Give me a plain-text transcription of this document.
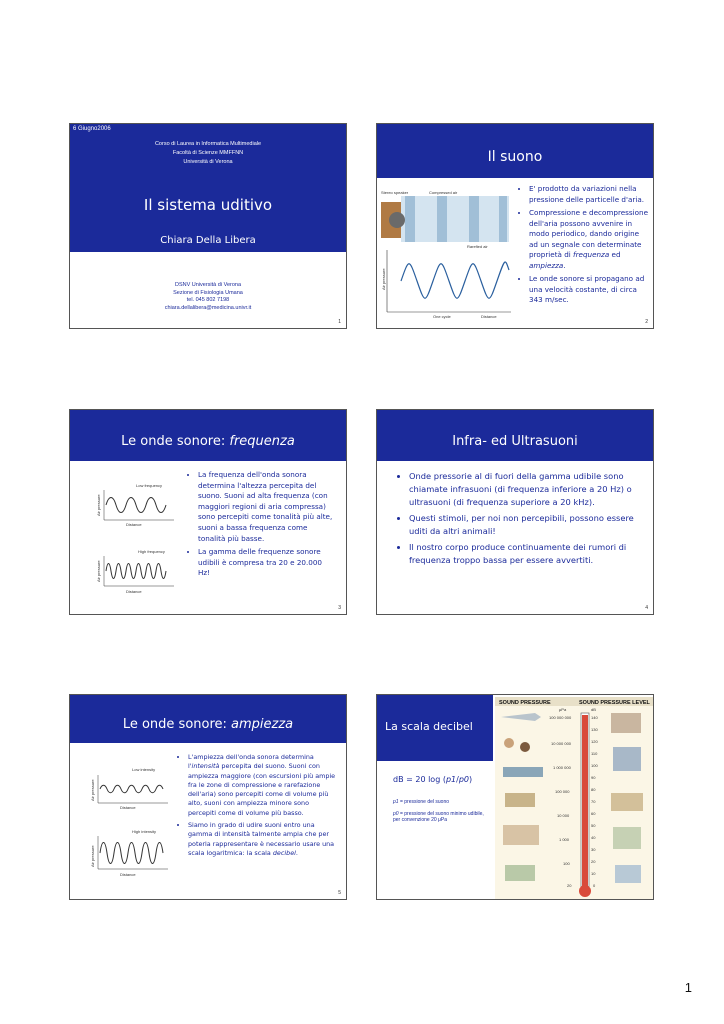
6 Giugno2006
Corso di Laurea in Informatica Multimediale
Facoltà di Scienze MMFFNN
Università di Verona
Il sistema uditivo
Chiara Della Libera
DSNV Università di Verona
Sezione di Fisiologia Umana
tel. 045 802 7198
chiara.dellalibera@medicina.univr.it
1
Il suono
Stereo speaker	Compressed air
Rarefied air
Air pressure
One cycle	Distance
• E' prodotto da variazioni nella pressione delle particelle d'aria.
• Compressione e decompressione dell'aria possono avvenire in modo periodico, dando origine ad un segnale con determinate proprietà di frequenza ed ampiezza.
• Le onde sonore si propagano ad una velocità costante, di circa 343 m/sec.
2
Le onde sonore: frequenza
Low frequency
Distance
Air pressure
High frequency
Distance
Air pressure
• La frequenza dell'onda sonora determina l'altezza percepita del suono. Suoni ad alta frequenza (con maggiori regioni di aria compressa) sono percepiti come tonalità più alte, suoni a bassa frequenza come tonalità più basse.
• La gamma delle frequenze sonore udibili è compresa tra 20 e 20.000 Hz!
3
Infra- ed Ultrasuoni
• Onde pressorie al di fuori della gamma udibile sono chiamate infrasuoni (di frequenza inferiore a 20 Hz) o ultrasuoni (di frequenza superiore a 20 kHz).
• Questi stimoli, per noi non percepibili, possono essere uditi da altri animali!
• Il nostro corpo produce continuamente dei rumori di frequenza troppo bassa per essere avvertiti.
4
Le onde sonore: ampiezza
Low intensity
Distance
Air pressure
High intensity
Distance
Air pressure
• L'ampiezza dell'onda sonora determina l'intensità percepita del suono. Suoni con ampiezza maggiore (con escursioni più ampie fra le zone di compressione e rarefazione dell'aria) sono percepiti come di volume più alto, suoni con ampiezza minore sono percepiti come di volume più basso.
• Siamo in grado di udire suoni entro una gamma di intensità talmente ampia che per poterla rappresentare è necessario usare una scala logaritmica: la scala decibel.
5
La scala decibel
dB = 20 log (p1/p0)
p1 = pressione del suono
p0 = pressione del suono minimo udibile, per convenzione 20 μPa
SOUND PRESSURE	SOUND PRESSURE LEVEL
μPa	dB
100 000 000
10 000 000
1 000 000
100 000
10 000
1 000
100
20
140
130
120
110
100
90
80
70
60
50
40
30
20
10
0
1
